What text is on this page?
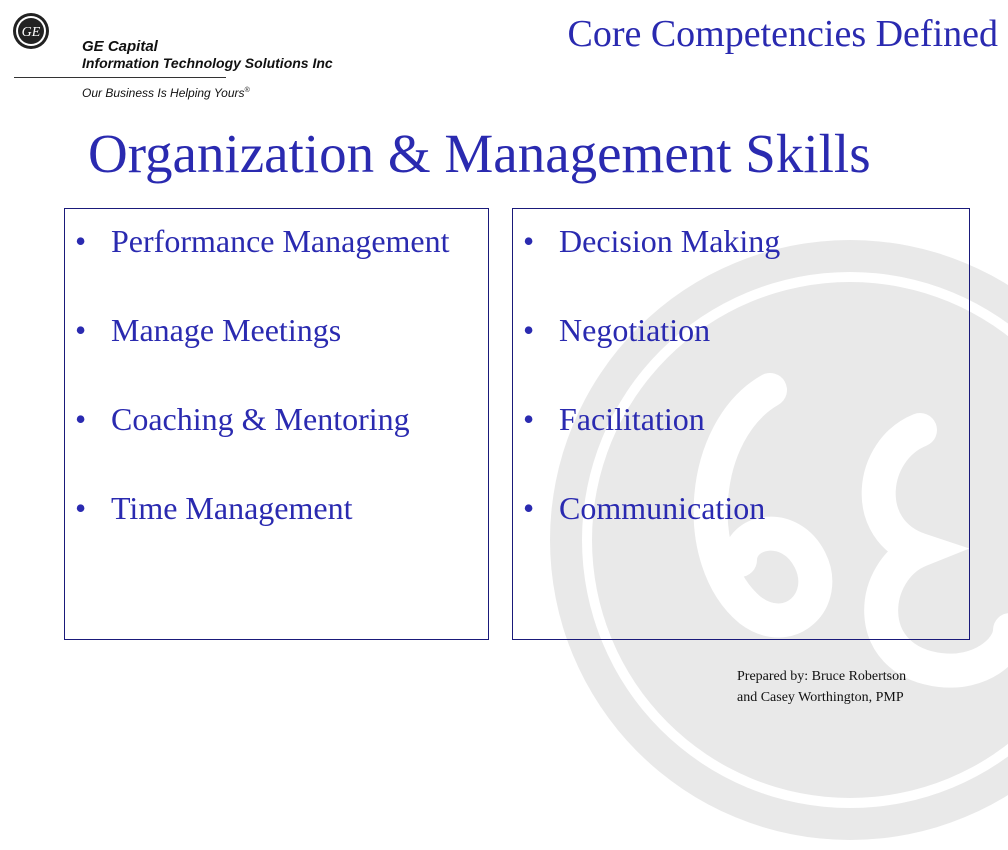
GE
GE Capital
Information Technology Solutions Inc
Our Business Is Helping Yours®
Core Competencies Defined
Organization & Management Skills
• Performance Management
• Manage Meetings
• Coaching & Mentoring
• Time Management
• Decision Making
• Negotiation
• Facilitation
• Communication
Prepared by: Bruce Robertson
and Casey Worthington, PMP
